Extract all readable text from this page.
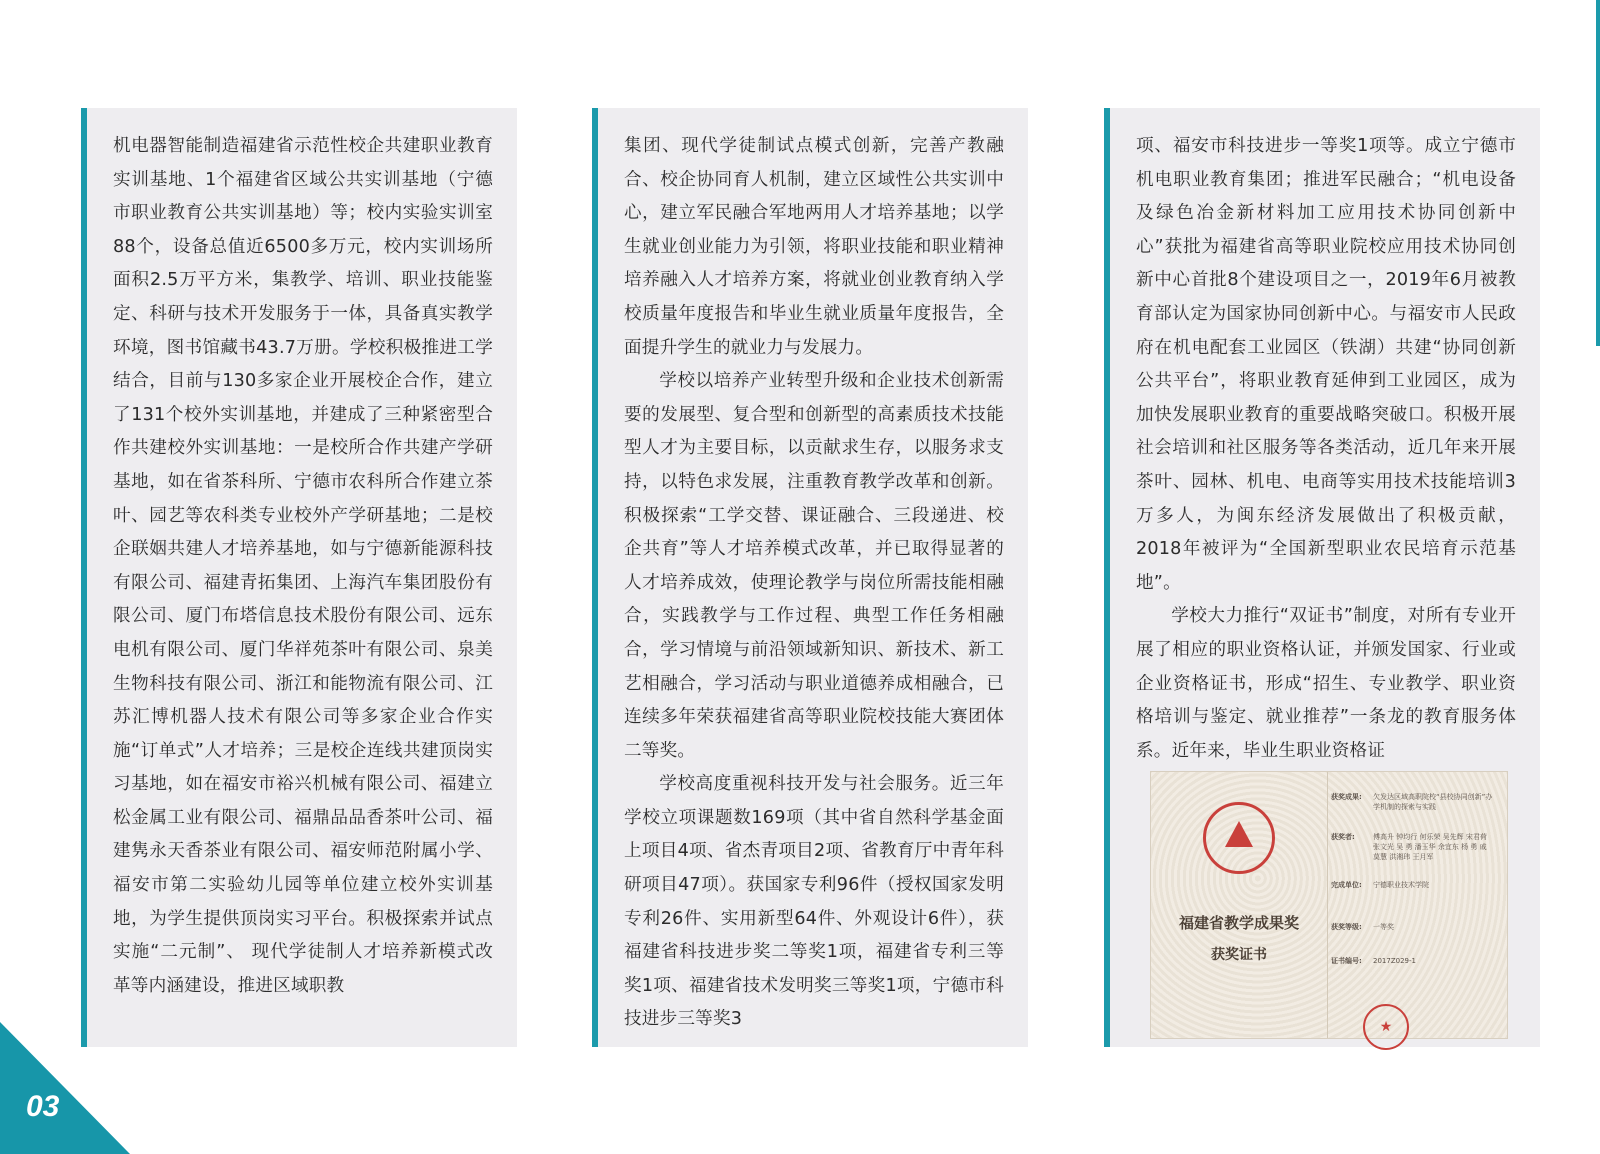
机电器智能制造福建省示范性校企共建职业教育实训基地、1个福建省区域公共实训基地（宁德市职业教育公共实训基地）等；校内实验实训室88个，设备总值近6500多万元，校内实训场所面积2.5万平方米，集教学、培训、职业技能鉴定、科研与技术开发服务于一体，具备真实教学环境，图书馆藏书43.7万册。学校积极推进工学结合，目前与130多家企业开展校企合作，建立了131个校外实训基地，并建成了三种紧密型合作共建校外实训基地：一是校所合作共建产学研基地，如在省茶科所、宁德市农科所合作建立茶叶、园艺等农科类专业校外产学研基地；二是校企联姻共建人才培养基地，如与宁德新能源科技有限公司、福建青拓集团、上海汽车集团股份有限公司、厦门布塔信息技术股份有限公司、远东电机有限公司、厦门华祥苑茶叶有限公司、泉美生物科技有限公司、浙江和能物流有限公司、江苏汇博机器人技术有限公司等多家企业合作实施“订单式”人才培养；三是校企连线共建顶岗实习基地，如在福安市裕兴机械有限公司、福建立松金属工业有限公司、福鼎品品香茶叶公司、福建隽永天香茶业有限公司、福安师范附属小学、福安市第二实验幼儿园等单位建立校外实训基地，为学生提供顶岗实习平台。积极探索并试点实施“二元制”、 现代学徒制人才培养新模式改革等内涵建设，推进区域职教

集团、现代学徒制试点模式创新，完善产教融合、校企协同育人机制，建立区域性公共实训中心，建立军民融合军地两用人才培养基地；以学生就业创业能力为引领，将职业技能和职业精神培养融入人才培养方案，将就业创业教育纳入学校质量年度报告和毕业生就业质量年度报告，全面提升学生的就业力与发展力。

学校以培养产业转型升级和企业技术创新需要的发展型、复合型和创新型的高素质技术技能型人才为主要目标，以贡献求生存，以服务求支持，以特色求发展，注重教育教学改革和创新。积极探索“工学交替、课证融合、三段递进、校企共育”等人才培养模式改革，并已取得显著的人才培养成效，使理论教学与岗位所需技能相融合，实践教学与工作过程、典型工作任务相融合，学习情境与前沿领域新知识、新技术、新工艺相融合，学习活动与职业道德养成相融合，已连续多年荣获福建省高等职业院校技能大赛团体二等奖。

学校高度重视科技开发与社会服务。近三年学校立项课题数169项（其中省自然科学基金面上项目4项、省杰青项目2项、省教育厅中青年科研项目47项）。获国家专利96件（授权国家发明专利26件、实用新型64件、外观设计6件），获福建省科技进步奖二等奖1项，福建省专利三等奖1项、福建省技术发明奖三等奖1项，宁德市科技进步三等奖3

项、福安市科技进步一等奖1项等。成立宁德市机电职业教育集团；推进军民融合；“机电设备及绿色冶金新材料加工应用技术协同创新中心”获批为福建省高等职业院校应用技术协同创新中心首批8个建设项目之一，2019年6月被教育部认定为国家协同创新中心。与福安市人民政府在机电配套工业园区（铁湖）共建“协同创新公共平台”，将职业教育延伸到工业园区，成为加快发展职业教育的重要战略突破口。积极开展社会培训和社区服务等各类活动，近几年来开展茶叶、园林、机电、电商等实用技术技能培训3万多人，为闽东经济发展做出了积极贡献，2018年被评为“全国新型职业农民培育示范基地”。

学校大力推行“双证书”制度，对所有专业开展了相应的职业资格认证，并颁发国家、行业或企业资格证书，形成“招生、专业教学、职业资格培训与鉴定、就业推荐”一条龙的教育服务体系。近年来，毕业生职业资格证

福建省教学成果奖
获奖证书
获奖成果: 欠发达区域高职院校“县校协同创新”办学机制的探索与实践
获奖者:	傅高升 钟均行 何乐荣 吴先辉 宋君荷 张文光 吴 勇 潘玉华 余宜东 杨 勇 戚莫慧 洪湘玮 王月军
完成单位: 宁德职业技术学院
获奖等级: 一等奖
证书编号: 2017Z029-1
★
03
